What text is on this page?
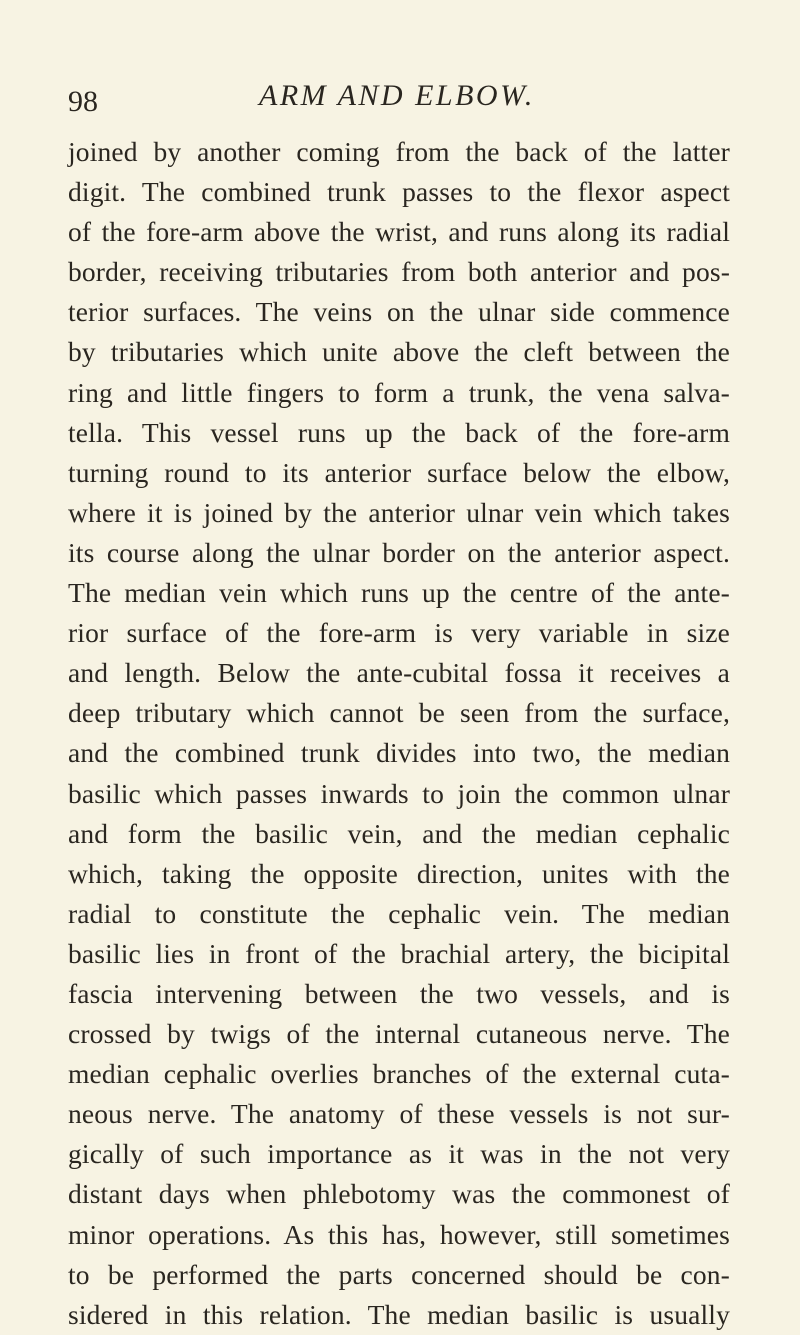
98	ARM AND ELBOW.
joined by another coming from the back of the latter
digit. The combined trunk passes to the flexor aspect
of the fore-arm above the wrist, and runs along its radial
border, receiving tributaries from both anterior and pos-
terior surfaces. The veins on the ulnar side commence
by tributaries which unite above the cleft between the
ring and little fingers to form a trunk, the vena salva-
tella. This vessel runs up the back of the fore-arm
turning round to its anterior surface below the elbow,
where it is joined by the anterior ulnar vein which takes
its course along the ulnar border on the anterior aspect.
The median vein which runs up the centre of the ante-
rior surface of the fore-arm is very variable in size
and length. Below the ante-cubital fossa it receives a
deep tributary which cannot be seen from the surface,
and the combined trunk divides into two, the median
basilic which passes inwards to join the common ulnar
and form the basilic vein, and the median cephalic
which, taking the opposite direction, unites with the
radial to constitute the cephalic vein. The median
basilic lies in front of the brachial artery, the bicipital
fascia intervening between the two vessels, and is
crossed by twigs of the internal cutaneous nerve. The
median cephalic overlies branches of the external cuta-
neous nerve. The anatomy of these vessels is not sur-
gically of such importance as it was in the not very
distant days when phlebotomy was the commonest of
minor operations. As this has, however, still sometimes
to be performed the parts concerned should be con-
sidered in this relation. The median basilic is usually
